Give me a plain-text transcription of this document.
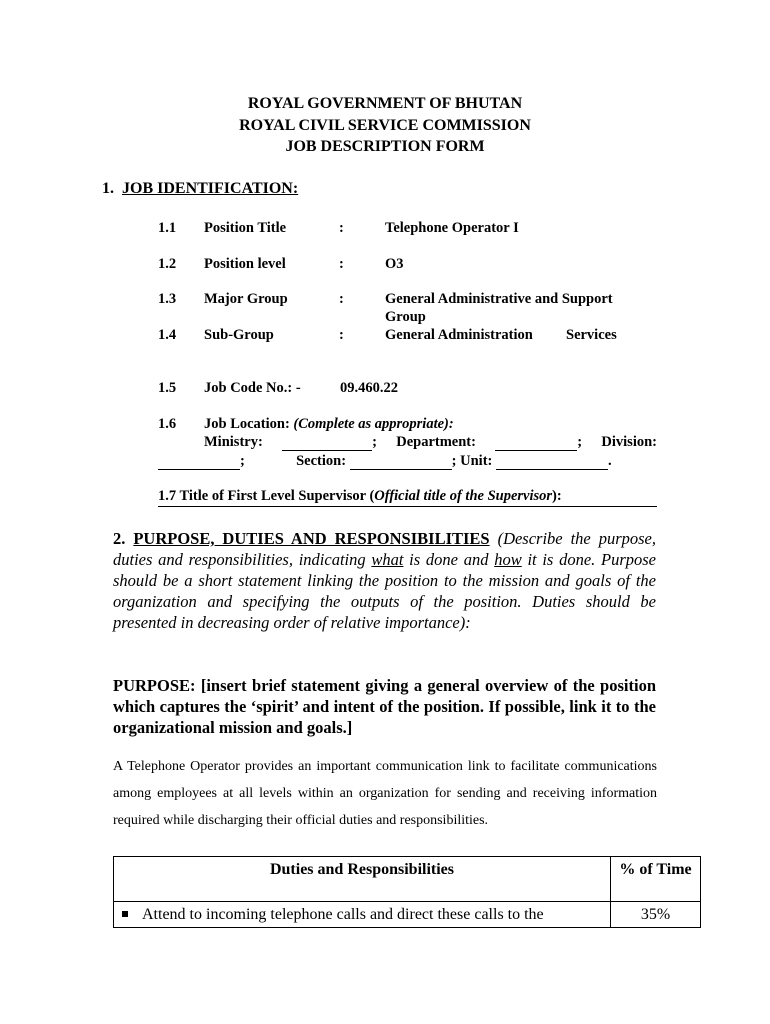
ROYAL GOVERNMENT OF BHUTAN
ROYAL CIVIL SERVICE COMMISSION
JOB DESCRIPTION FORM
1. JOB IDENTIFICATION:
1.1 Position Title	:	Telephone Operator I
1.2 Position level	:	O3
1.3 Major Group	:	General Administrative and Support Group
1.4 Sub-Group	:	General Administration Services
1.5 Job Code No.: -	09.460.22
1.6 Job Location: (Complete as appropriate):
Ministry:	; Department:	; Division:
;	Section:	; Unit:	.
1.7 Title of First Level Supervisor (Official title of the Supervisor):
2. PURPOSE, DUTIES AND RESPONSIBILITIES (Describe the purpose, duties and responsibilities, indicating what is done and how it is done. Purpose should be a short statement linking the position to the mission and goals of the organization and specifying the outputs of the position. Duties should be presented in decreasing order of relative importance):
PURPOSE: [insert brief statement giving a general overview of the position which captures the ‘spirit’ and intent of the position. If possible, link it to the organizational mission and goals.]
A Telephone Operator provides an important communication link to facilitate communications among employees at all levels within an organization for sending and receiving information required while discharging their official duties and responsibilities.
Duties and Responsibilities	% of Time
Attend to incoming telephone calls and direct these calls to the	35%
